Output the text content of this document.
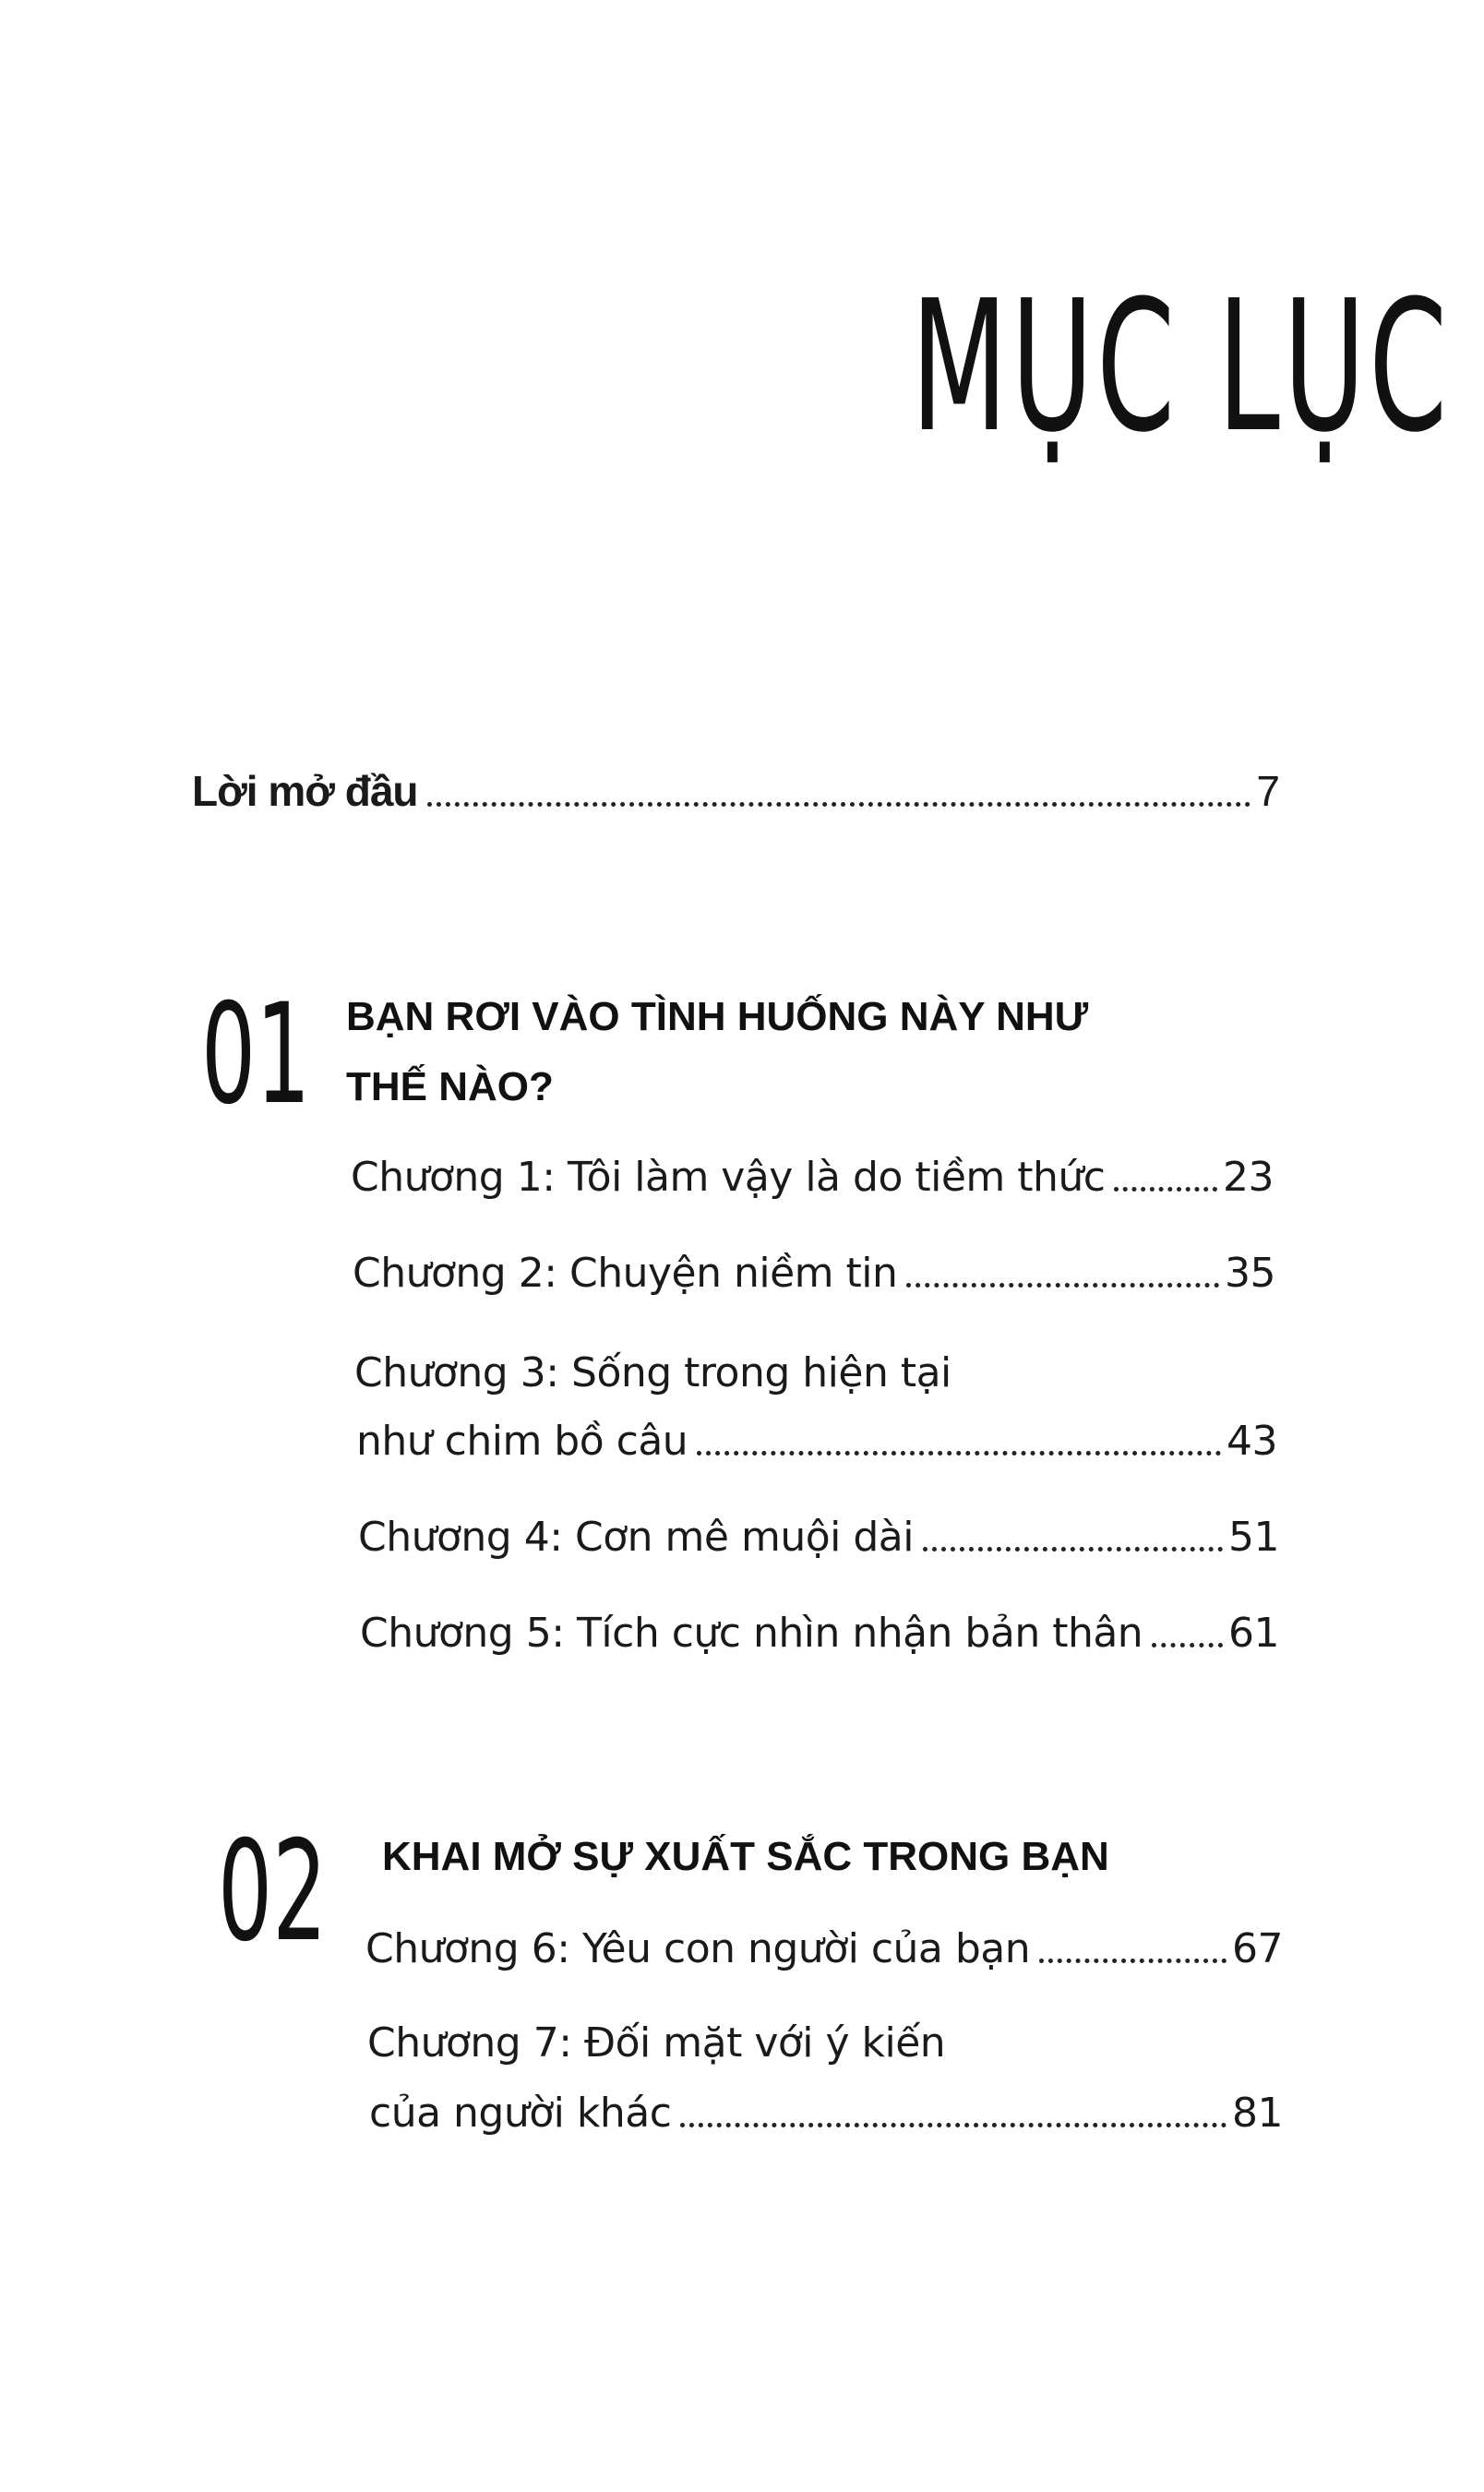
MỤC LỤC
Lời mở đầu	7
01 BẠN RƠI VÀO TÌNH HUỐNG NÀY NHƯ
THẾ NÀO?
Chương 1: Tôi làm vậy là do tiềm thức	23
Chương 2: Chuyện niềm tin	35
Chương 3: Sống trong hiện tại
như chim bồ câu	43
Chương 4: Cơn mê muội dài	51
Chương 5: Tích cực nhìn nhận bản thân 61
02 KHAI MỞ SỰ XUẤT SẮC TRONG BẠN
Chương 6: Yêu con người của bạn	67
Chương 7: Đối mặt với ý kiến
của người khác	81
